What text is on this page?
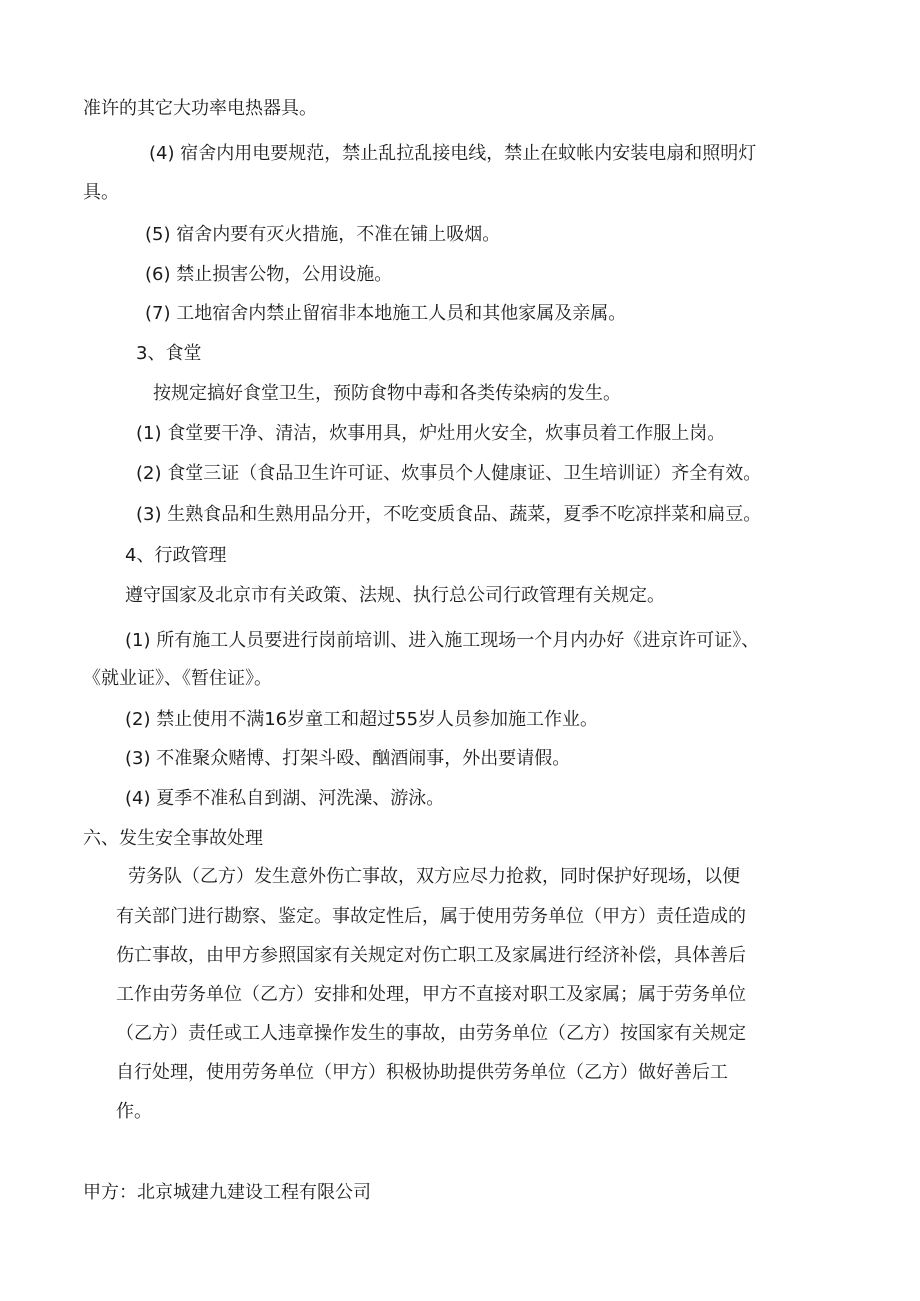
准许的其它大功率电热器具。

(4) 宿舍内用电要规范，禁止乱拉乱接电线，禁止在蚊帐内安装电扇和照明灯

具。

(5) 宿舍内要有灭火措施，不准在铺上吸烟。

(6) 禁止损害公物，公用设施。

(7) 工地宿舍内禁止留宿非本地施工人员和其他家属及亲属。

3、食堂

按规定搞好食堂卫生，预防食物中毒和各类传染病的发生。

(1) 食堂要干净、清洁，炊事用具，炉灶用火安全，炊事员着工作服上岗。

(2) 食堂三证（食品卫生许可证、炊事员个人健康证、卫生培训证）齐全有效。

(3) 生熟食品和生熟用品分开，不吃变质食品、蔬菜，夏季不吃凉拌菜和扁豆。

4、行政管理

遵守国家及北京市有关政策、法规、执行总公司行政管理有关规定。

(1) 所有施工人员要进行岗前培训、进入施工现场一个月内办好《进京许可证》、

《就业证》、《暂住证》。

(2) 禁止使用不满16岁童工和超过55岁人员参加施工作业。

(3) 不准聚众赌博、打架斗殴、酗酒闹事，外出要请假。

(4) 夏季不准私自到湖、河洗澡、游泳。

六、发生安全事故处理

劳务队（乙方）发生意外伤亡事故，双方应尽力抢救，同时保护好现场，以便

有关部门进行勘察、鉴定。事故定性后，属于使用劳务单位（甲方）责任造成的

伤亡事故，由甲方参照国家有关规定对伤亡职工及家属进行经济补偿，具体善后

工作由劳务单位（乙方）安排和处理，甲方不直接对职工及家属；属于劳务单位

（乙方）责任或工人违章操作发生的事故，由劳务单位（乙方）按国家有关规定

自行处理，使用劳务单位（甲方）积极协助提供劳务单位（乙方）做好善后工

作。

甲方：北京城建九建设工程有限公司
